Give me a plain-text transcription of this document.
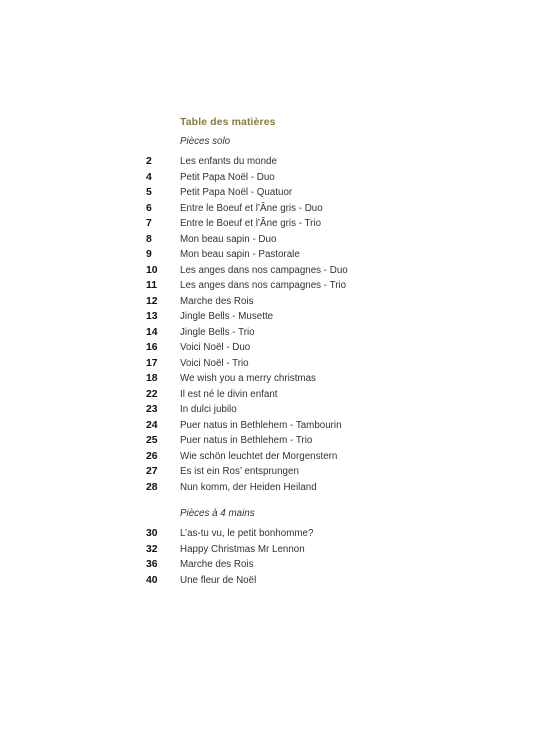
Table des matières
Pièces solo
2	Les enfants du monde
4	Petit Papa Noël - Duo
5	Petit Papa Noël - Quatuor
6	Entre le Boeuf et l’Âne gris - Duo
7	Entre le Boeuf et l’Âne gris - Trio
8	Mon beau sapin - Duo
9	Mon beau sapin - Pastorale
10	Les anges dans nos campagnes - Duo
11	Les anges dans nos campagnes - Trio
12	Marche des Rois
13	Jingle Bells - Musette
14	Jingle Bells - Trio
16	Voici Noël - Duo
17	Voici Noël - Trio
18	We wish you a merry christmas
22	Il est né le divin enfant
23	In dulci jubilo
24	Puer natus in Bethlehem - Tambourin
25	Puer natus in Bethlehem - Trio
26	Wie schön leuchtet der Morgenstern
27	Es ist ein Ros’ entsprungen
28	Nun komm, der Heiden Heiland
Pièces à 4 mains
30	L’as-tu vu, le petit bonhomme?
32	Happy Christmas Mr Lennon
36	Marche des Rois
40	Une fleur de Noël
